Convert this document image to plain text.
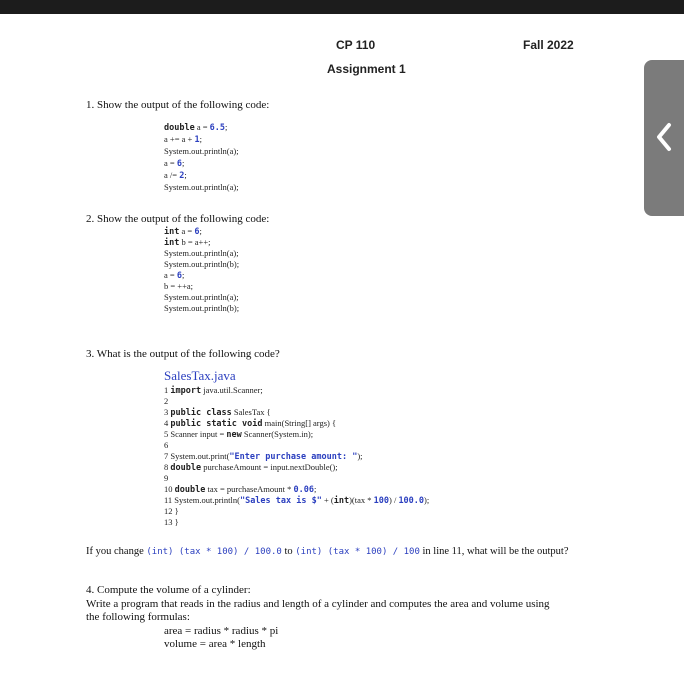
CP 110	Fall 2022
Assignment 1
1. Show the output of the following code:
double a = 6.5;
a += a + 1;
System.out.println(a);
a = 6;
a /= 2;
System.out.println(a);
2. Show the output of the following code:
int a = 6;
int b = a++;
System.out.println(a);
System.out.println(b);
a = 6;
b = ++a;
System.out.println(a);
System.out.println(b);
3. What is the output of the following code?
SalesTax.java
1 import java.util.Scanner;
2
3 public class SalesTax {
4 public static void main(String[] args) {
5 Scanner input = new Scanner(System.in);
6
7 System.out.print("Enter purchase amount: ");
8 double purchaseAmount = input.nextDouble();
9
10 double tax = purchaseAmount * 0.06;
11 System.out.println("Sales tax is $" + (int)(tax * 100) / 100.0);
12 }
13 }
If you change (int) (tax * 100) / 100.0 to (int) (tax * 100) / 100 in line 11, what will be the output?
4. Compute the volume of a cylinder:
Write a program that reads in the radius and length of a cylinder and computes the area and volume using
the following formulas:
area = radius * radius * pi
volume = area * length
